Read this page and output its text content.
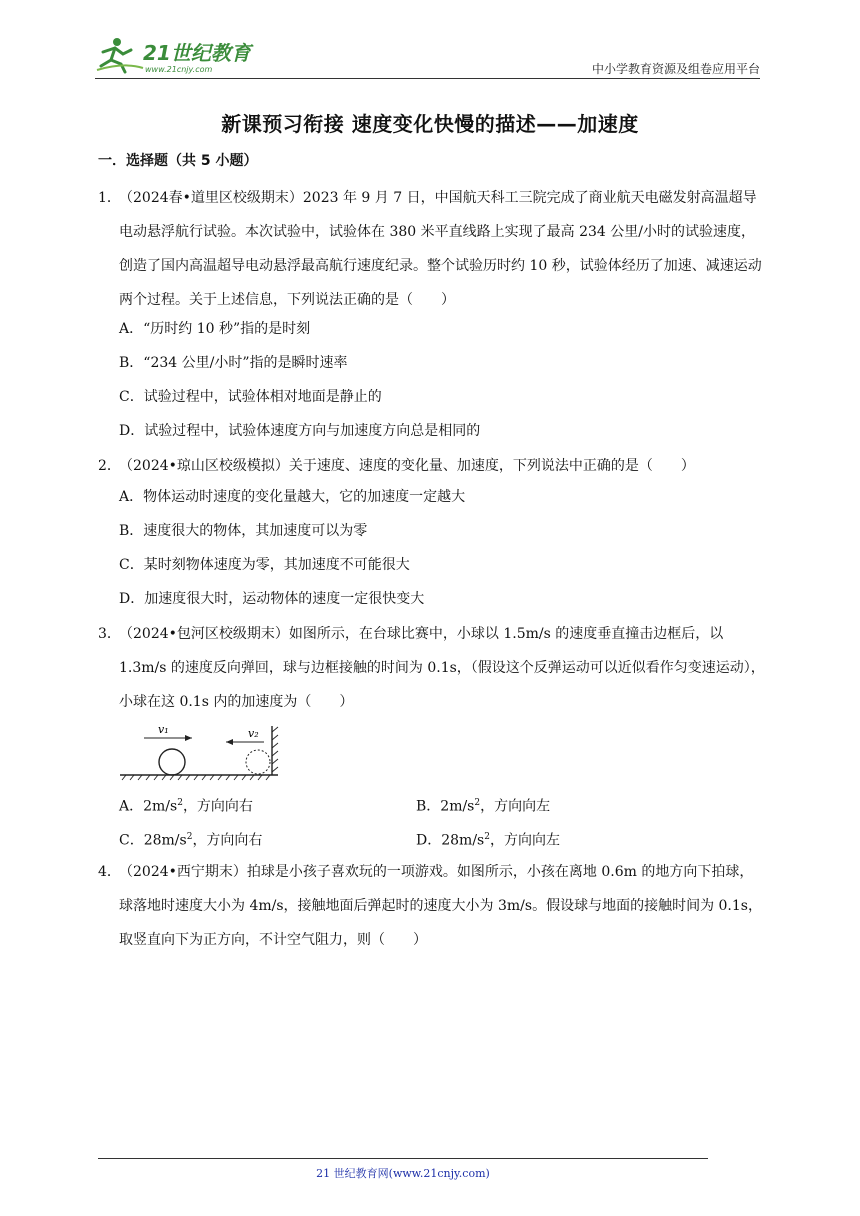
21世纪教育
www.21cnjy.com	中小学教育资源及组卷应用平台
新课预习衔接 速度变化快慢的描述——加速度
一．选择题（共 5 小题）
1．
（2024春•道里区校级期末）2023 年 9 月 7 日，中国航天科工三院完成了商业航天电磁发射高温超导电动悬浮航行试验。本次试验中，试验体在 380 米平直线路上实现了最高 234 公里/小时的试验速度，创造了国内高温超导电动悬浮最高航行速度纪录。整个试验历时约 10 秒，试验体经历了加速、减速运动两个过程。关于上述信息，下列说法正确的是（　　）
A．“历时约 10 秒”指的是时刻
B．“234 公里/小时”指的是瞬时速率
C．试验过程中，试验体相对地面是静止的
D．试验过程中，试验体速度方向与加速度方向总是相同的
2．
（2024•琼山区校级模拟）关于速度、速度的变化量、加速度，下列说法中正确的是（　　）
A．物体运动时速度的变化量越大，它的加速度一定越大
B．速度很大的物体，其加速度可以为零
C．某时刻物体速度为零，其加速度不可能很大
D．加速度很大时，运动物体的速度一定很快变大
3．
（2024•包河区校级期末）如图所示，在台球比赛中，小球以 1.5m/s 的速度垂直撞击边框后，以 1.3m/s 的速度反向弹回，球与边框接触的时间为 0.1s，（假设这个反弹运动可以近似看作匀变速运动），小球在这 0.1s 内的加速度为（　　）
v₁	v₂
A．$2m/s^2$，方向向右	B．$2m/s^2$，方向向左
C．$28m/s^2$，方向向右	D．$28m/s^2$，方向向左
4．
（2024•西宁期末）拍球是小孩子喜欢玩的一项游戏。如图所示，小孩在离地 0.6m 的地方向下拍球，球落地时速度大小为 4m/s，接触地面后弹起时的速度大小为 3m/s。假设球与地面的接触时间为 0.1s，取竖直向下为正方向，不计空气阻力，则（　　）
21 世纪教育网(www.21cnjy.com)
